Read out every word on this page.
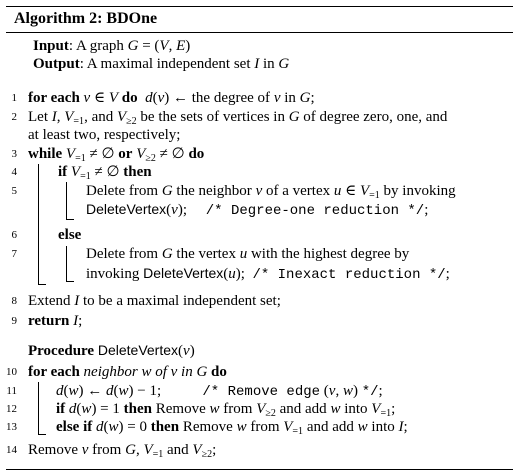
Algorithm 2: BDOne
Input: A graph G = (V, E)
Output: A maximal independent set I in G
1
2
3
4
5
6
7
8
9
10
11
12
13
14
for each v ∈ V do d(v) ← the degree of v in G;
Let I, $V_{=1}$, and $V_{\ge 2}$ be the sets of vertices in G of degree zero, one, and
at least two, respectively;
while $V_{=1}$ ≠ ∅ or $V_{\ge 2}$ ≠ ∅ do
if $V_{=1}$ ≠ ∅ then
Delete from G the neighbor v of a vertex u ∈ $V_{=1}$ by invoking
DeleteVertex(v);     /* Degree-one reduction */;
else
Delete from G the vertex u with the highest degree by
invoking DeleteVertex(u);  /* Inexact reduction */;
Extend I to be a maximal independent set;
return I;
Procedure DeleteVertex(v)
for each neighbor w of v in G do
d(w) ← d(w) − 1;           /* Remove edge (v, w) */;
if d(w) = 1 then Remove w from $V_{\ge 2}$ and add w into $V_{=1}$;
else if d(w) = 0 then Remove w from $V_{=1}$ and add w into I;
Remove v from G, $V_{=1}$ and $V_{\ge 2}$;
